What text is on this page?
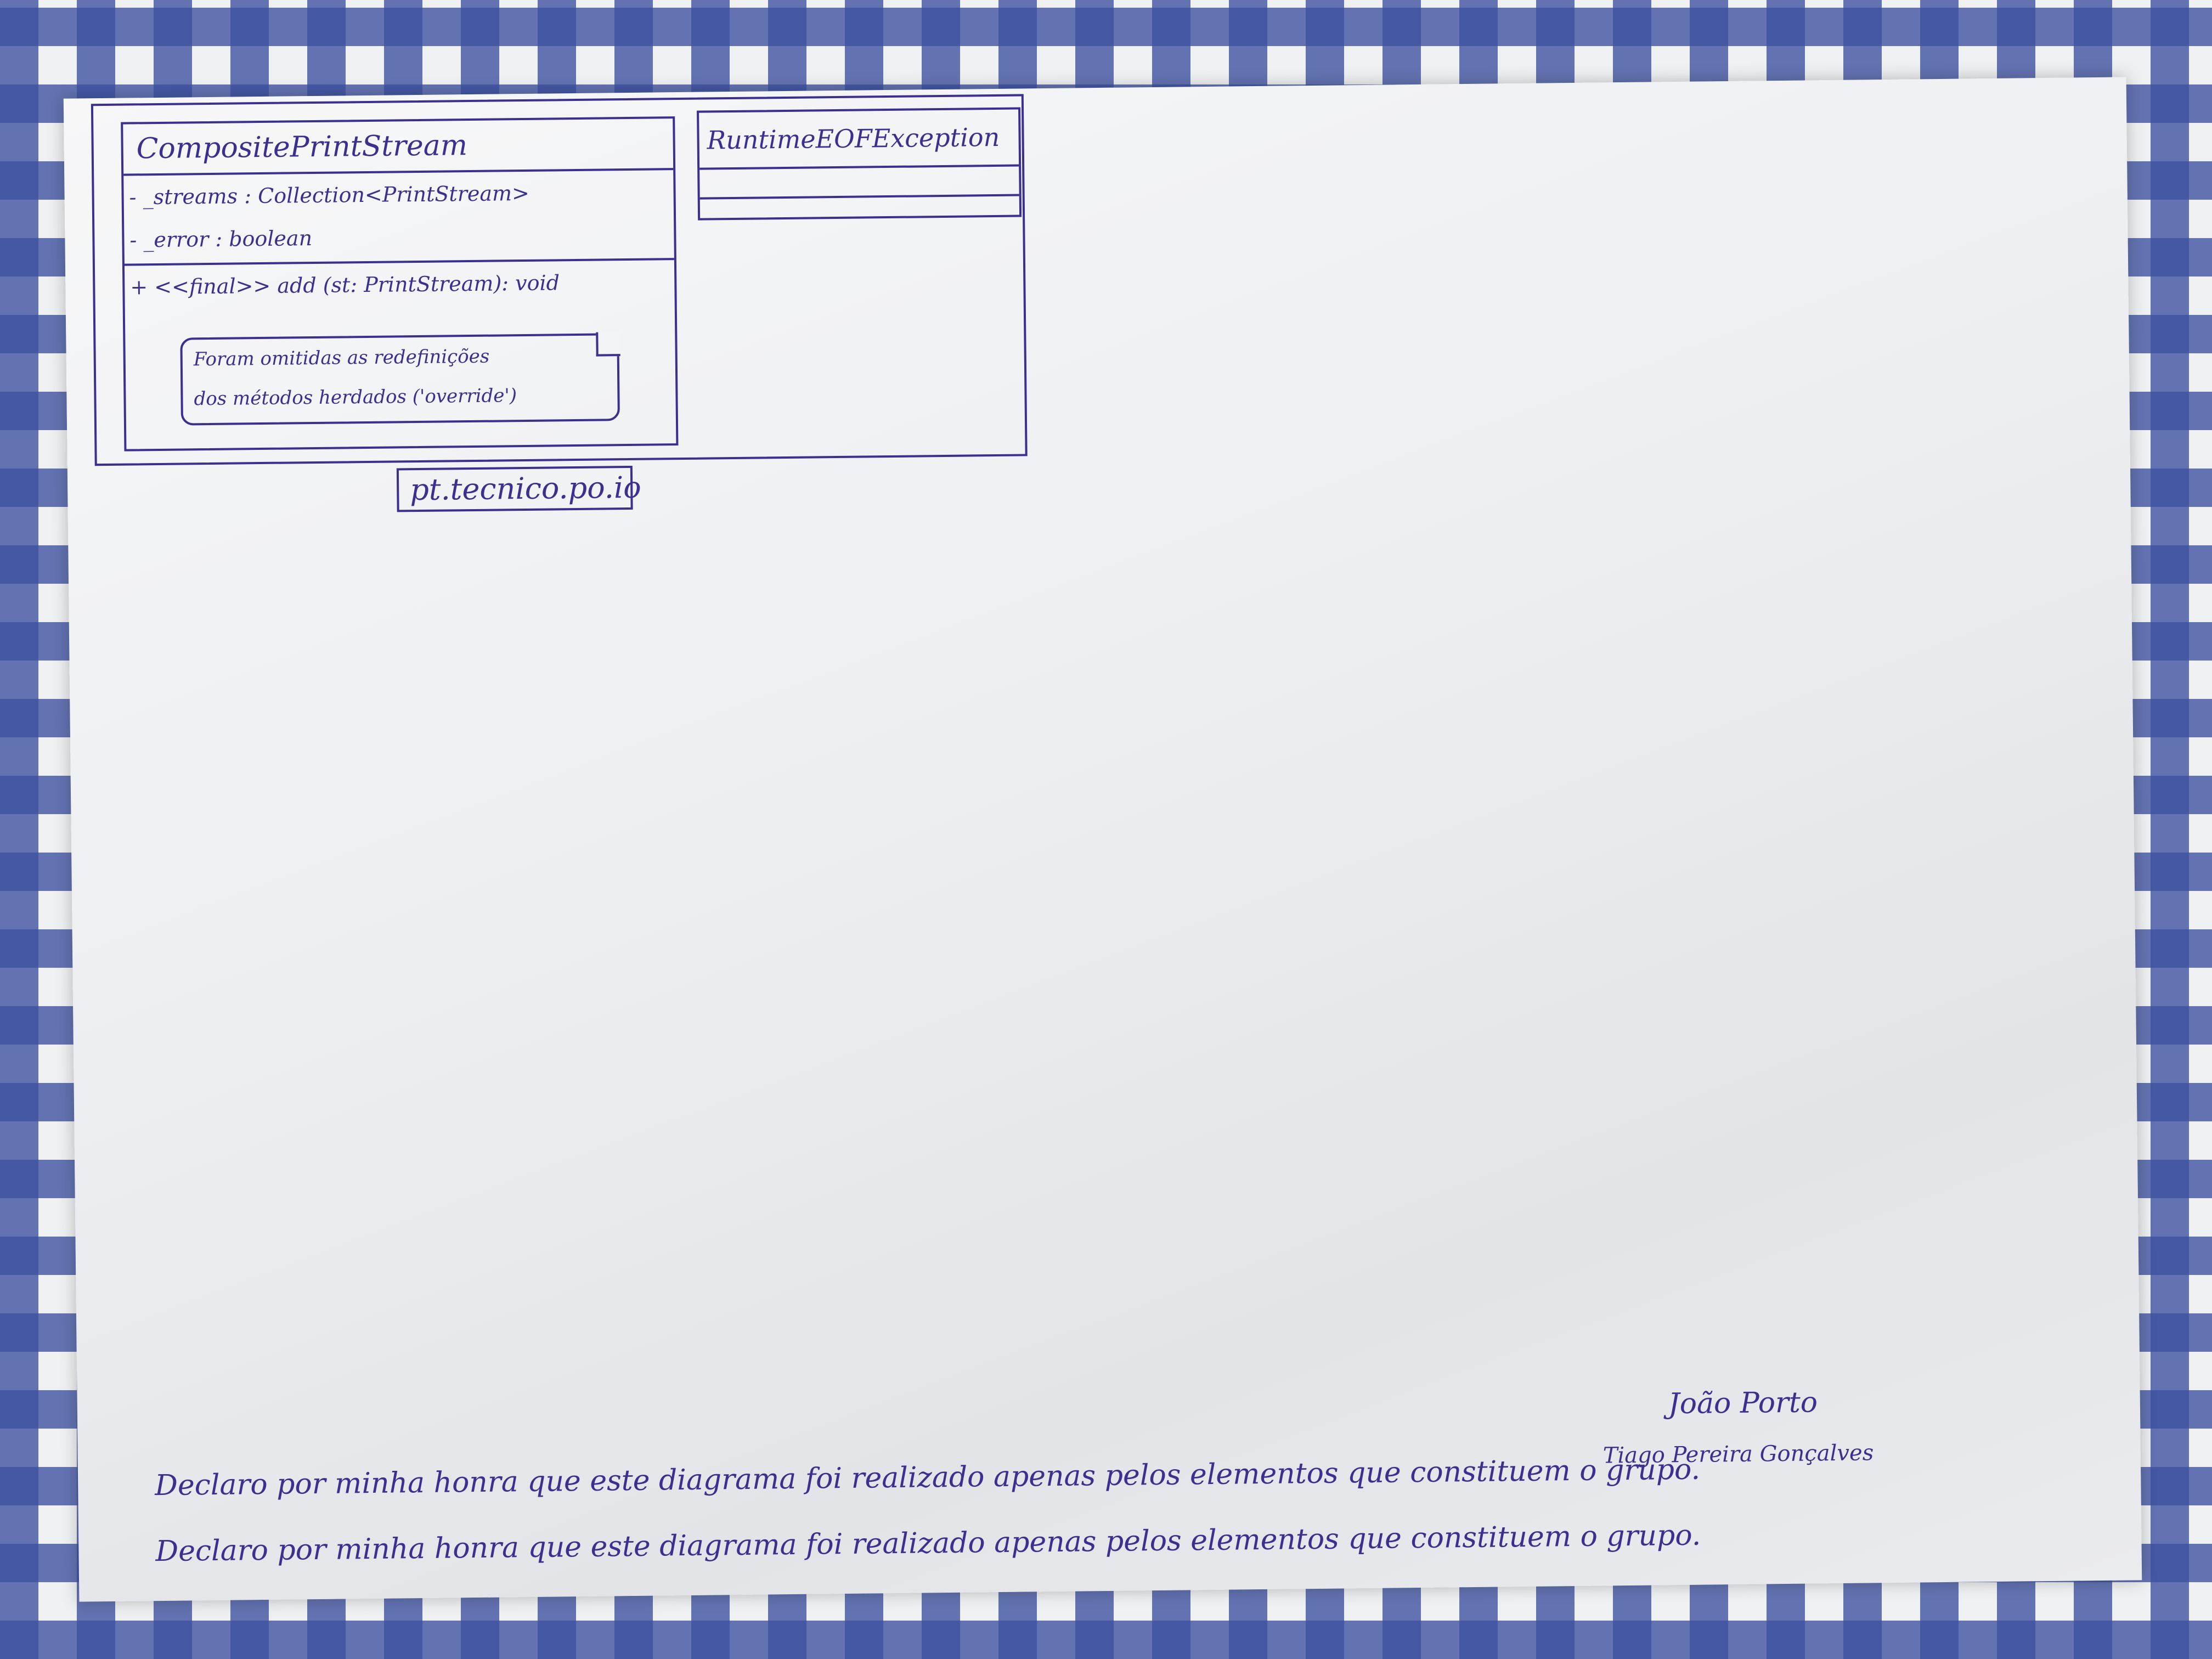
CompositePrintStream
- _streams : Collection<PrintStream>
- _error : boolean
+ <<final>> add (st: PrintStream): void
Foram omitidas as redefinições
dos métodos herdados ('override')
RuntimeEOFException
pt.tecnico.po.io
João Porto
Declaro por minha honra que este diagrama foi realizado apenas pelos elementos que constituem o grupo.
Tiago Pereira Gonçalves
Declaro por minha honra que este diagrama foi realizado apenas pelos elementos que constituem o grupo.
